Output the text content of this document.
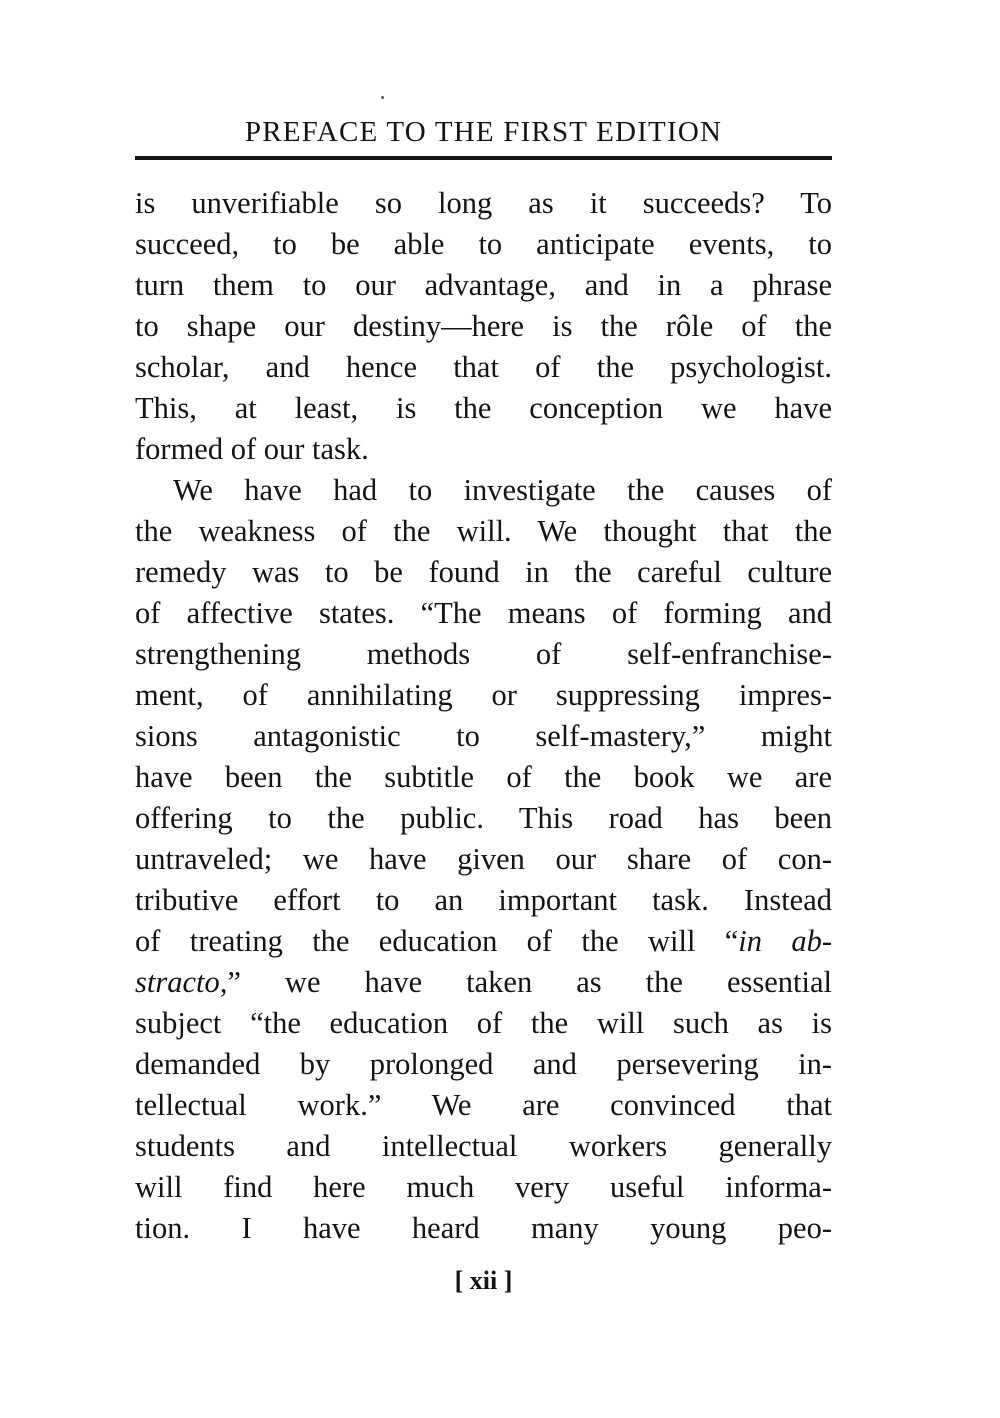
PREFACE TO THE FIRST EDITION
is unverifiable so long as it succeeds? To
succeed, to be able to anticipate events, to
turn them to our advantage, and in a phrase
to shape our destiny—here is the rôle of the
scholar, and hence that of the psychologist.
This, at least, is the conception we have
formed of our task.
We have had to investigate the causes of
the weakness of the will. We thought that the
remedy was to be found in the careful culture
of affective states. “The means of forming and
strengthening methods of self-enfranchise-
ment, of annihilating or suppressing impres-
sions antagonistic to self-mastery,” might
have been the subtitle of the book we are
offering to the public. This road has been
untraveled; we have given our share of con-
tributive effort to an important task. Instead
of treating the education of the will “in ab-
stracto,” we have taken as the essential
subject “the education of the will such as is
demanded by prolonged and persevering in-
tellectual work.” We are convinced that
students and intellectual workers generally
will find here much very useful informa-
tion. I have heard many young peo-
[ xii ]
